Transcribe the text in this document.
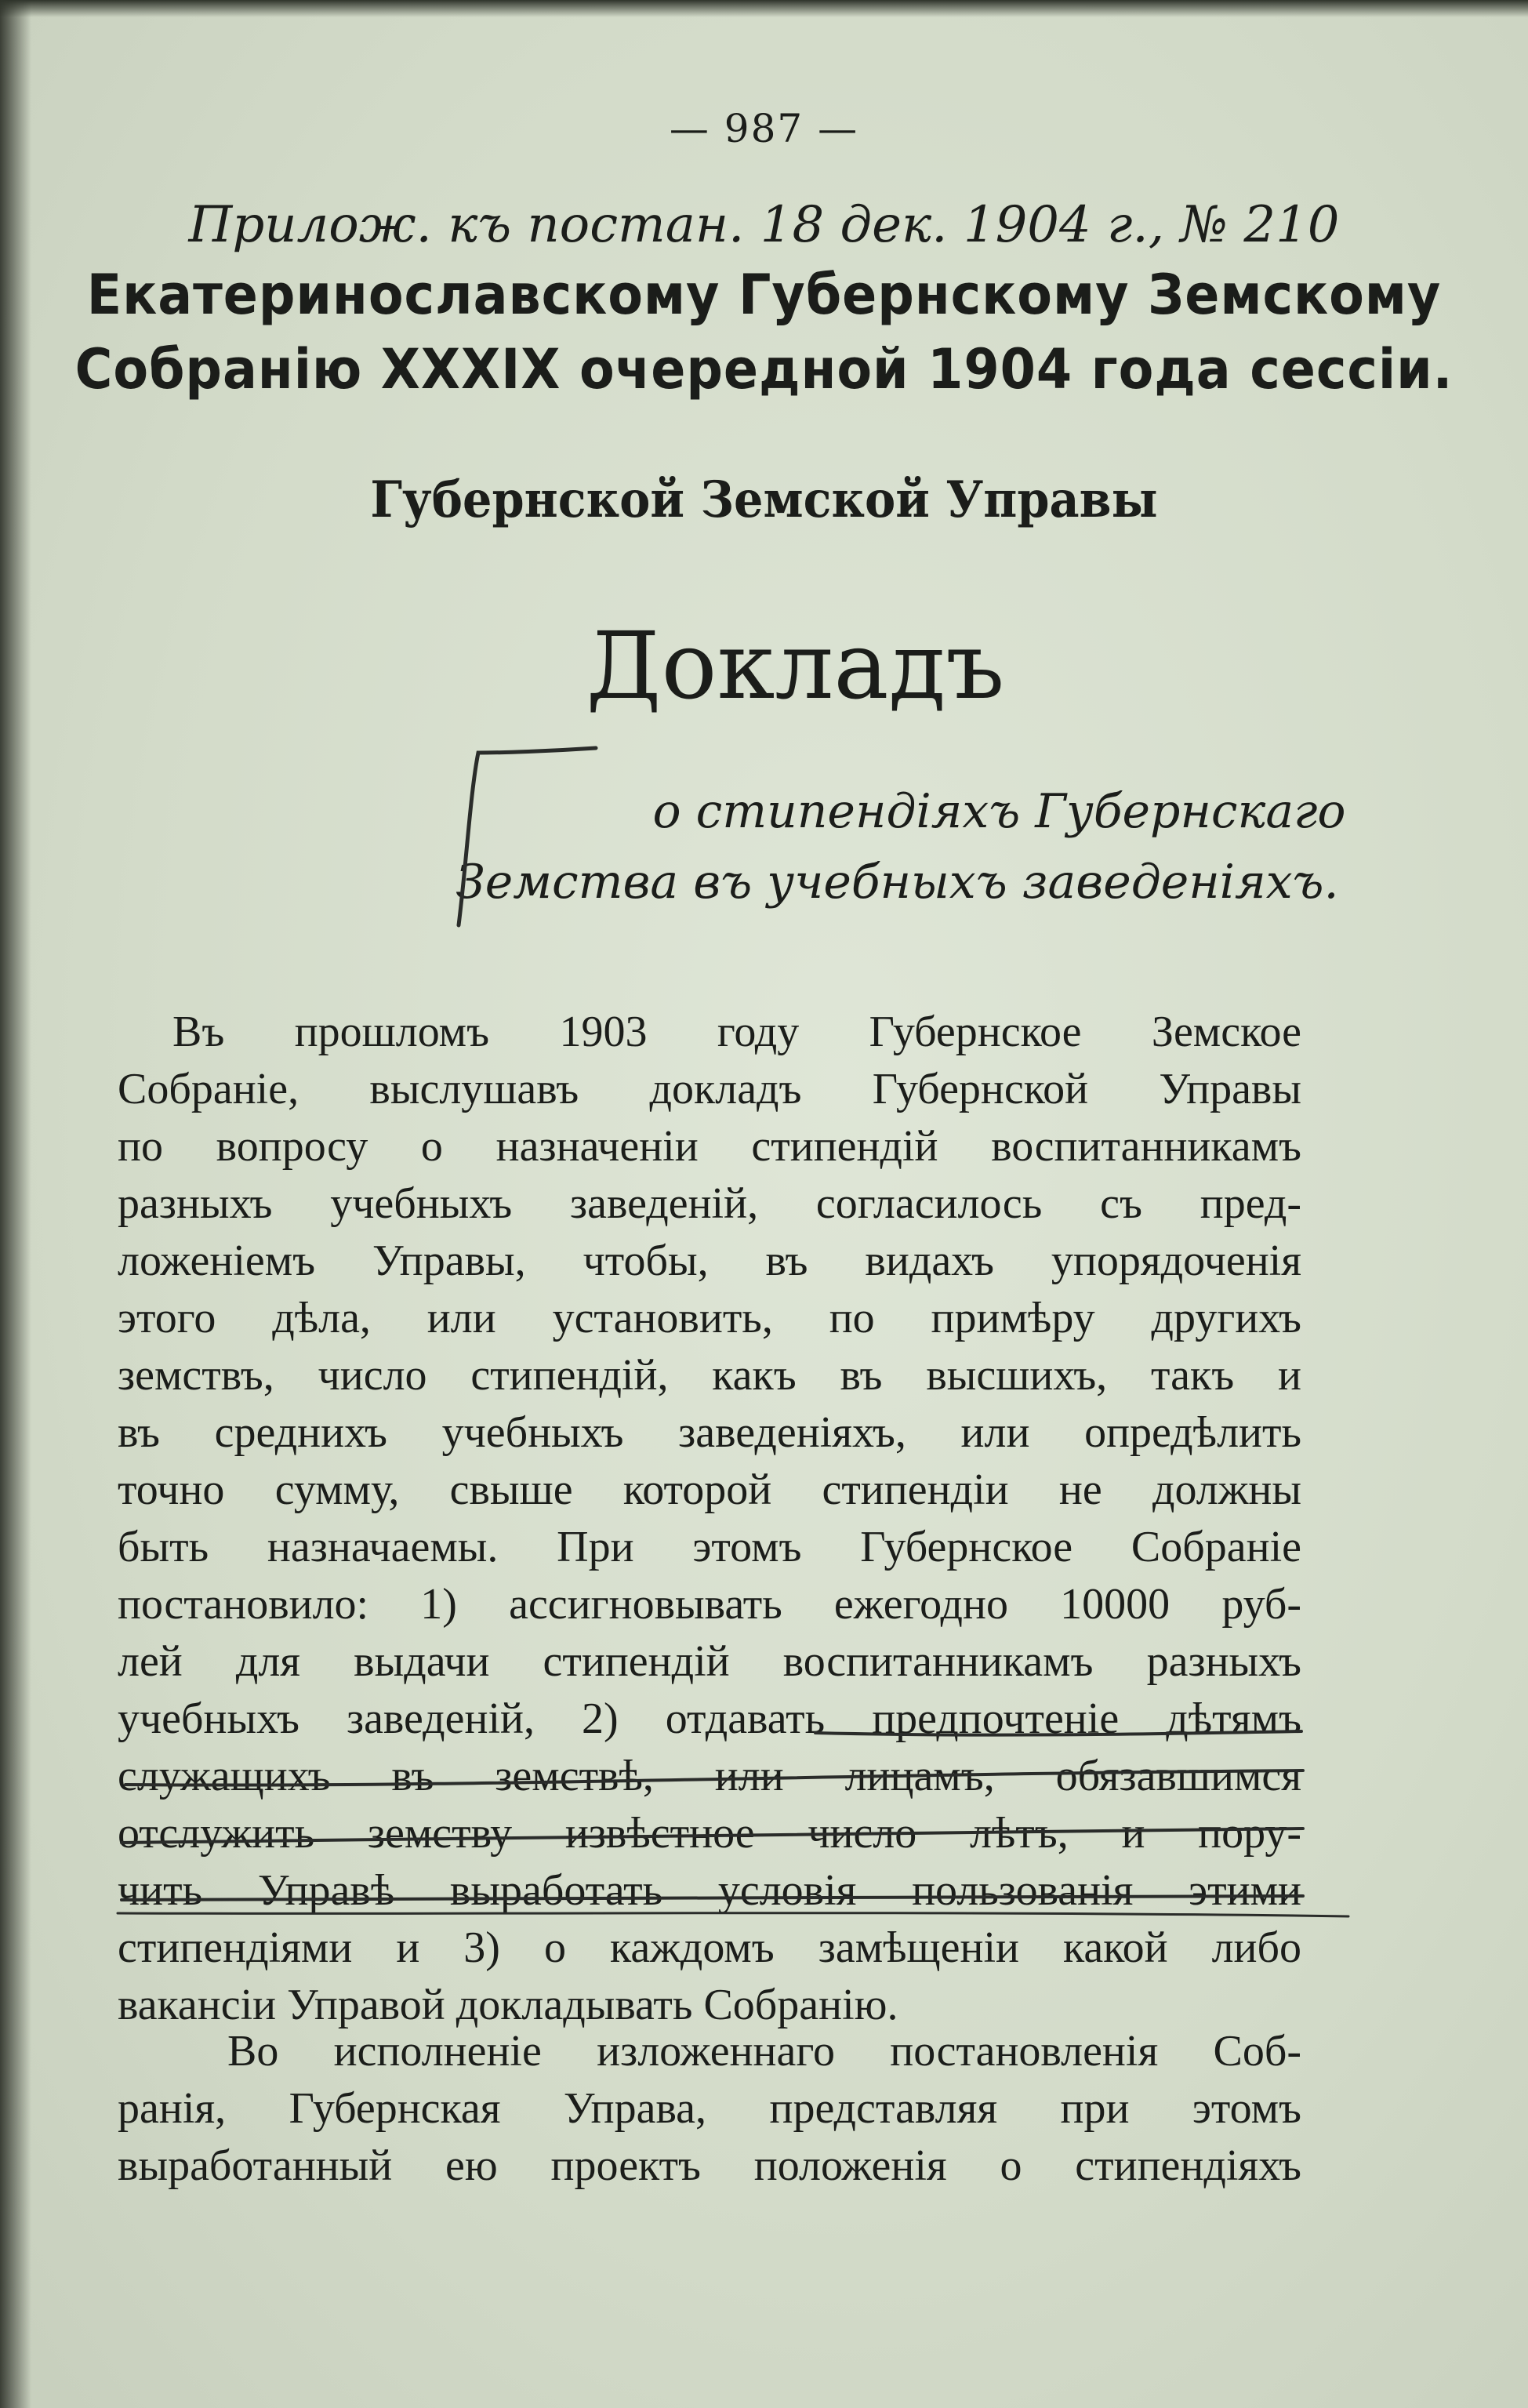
— 987 —
Прилож. къ постан. 18 дек. 1904 г., № 210
Екатеринославскому Губернскому Земскому
Собранію XXXIX очередной 1904 года сессіи.
Губернской Земской Управы
Докладъ
о стипендіяхъ Губернскаго
Земства въ учебныхъ заведеніяхъ.
Въ прошломъ 1903 году Губернское Земское
Собраніе, выслушавъ докладъ Губернской Управы
по вопросу о назначеніи стипендій воспитанникамъ
разныхъ учебныхъ заведеній, согласилось съ пред-
ложеніемъ Управы, чтобы, въ видахъ упорядоченія
этого дѣла, или установить, по примѣру другихъ
земствъ, число стипендій, какъ въ высшихъ, такъ и
въ среднихъ учебныхъ заведеніяхъ, или опредѣлить
точно сумму, свыше которой стипендіи не должны
быть назначаемы. При этомъ Губернское Собраніе
постановило: 1) ассигновывать ежегодно 10000 руб-
лей для выдачи стипендій воспитанникамъ разныхъ
учебныхъ заведеній, 2) отдавать предпочтеніе дѣтямъ
служащихъ въ земствѣ, или лицамъ, обязавшимся
отслужить земству извѣстное число лѣтъ, и пору-
чить Управѣ выработать условія пользованія этими
стипендіями и 3) о каждомъ замѣщеніи какой либо
вакансіи Управой докладывать Собранію.
Во исполненіе изложеннаго постановленія Соб-
ранія, Губернская Управа, представляя при этомъ
выработанный ею проектъ положенія о стипендіяхъ
